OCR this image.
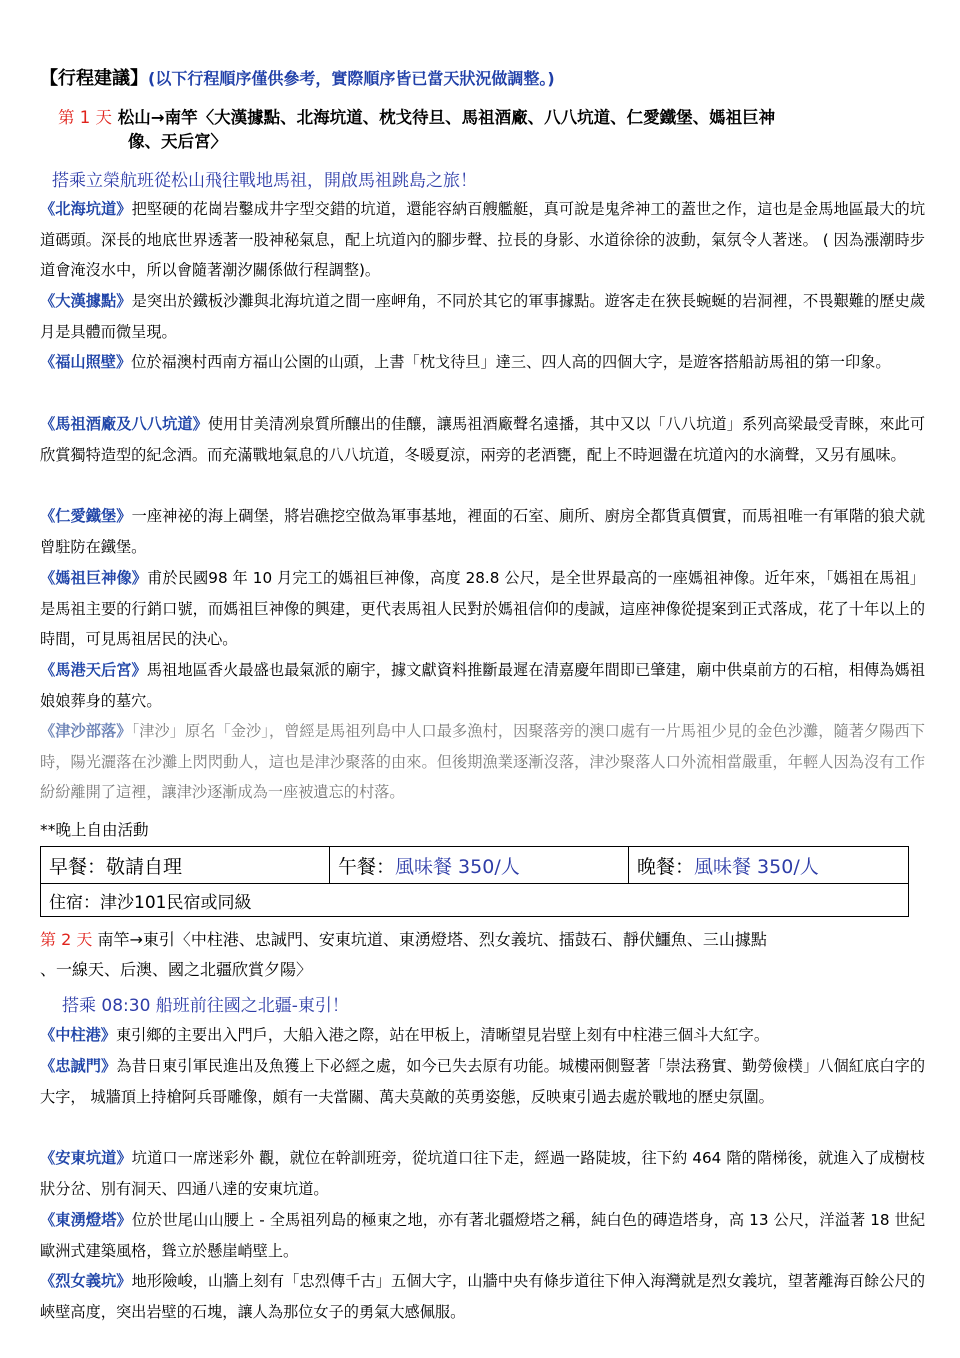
【行程建議】(以下行程順序僅供參考，實際順序皆已當天狀況做調整。)
第 1 天 松山→南竿〈大漢據點、北海坑道、枕戈待旦、馬祖酒廠、八八坑道、仁愛鐵堡、媽祖巨神
像、天后宮〉
搭乘立榮航班從松山飛往戰地馬祖，開啟馬祖跳島之旅！
《北海坑道》把堅硬的花崗岩鑿成井字型交錯的坑道，還能容納百艘艦艇，真可說是鬼斧神工的蓋世之作，這也是金馬地區最大的坑道碼頭。深長的地底世界透著一股神秘氣息，配上坑道內的腳步聲、拉長的身影、水道徐徐的波動，氣氛令人著迷。 ( 因為漲潮時步道會淹沒水中，所以會隨著潮汐關係做行程調整)。
《大漢據點》是突出於鐵板沙灘與北海坑道之間一座岬角，不同於其它的軍事據點。遊客走在狹長蜿蜒的岩洞裡，不畏艱難的歷史歲月是具體而微呈現。
《福山照壁》位於福澳村西南方福山公園的山頭，上書「枕戈待旦」達三、四人高的四個大字，是遊客搭船訪馬祖的第一印象。
《馬祖酒廠及八八坑道》使用甘美清冽泉質所釀出的佳釀，讓馬祖酒廠聲名遠播，其中又以「八八坑道」系列高梁最受青睞，來此可欣賞獨特造型的紀念酒。而充滿戰地氣息的八八坑道，冬暖夏涼，兩旁的老酒甕，配上不時迴盪在坑道內的水滴聲，又另有風味。
《仁愛鐵堡》一座神祕的海上碉堡，將岩礁挖空做為軍事基地，裡面的石室、廁所、廚房全都貨真價實，而馬祖唯一有軍階的狼犬就曾駐防在鐵堡。
《媽祖巨神像》甫於民國98 年 10 月完工的媽祖巨神像，高度 28.8 公尺，是全世界最高的一座媽祖神像。近年來，「媽祖在馬祖」是馬祖主要的行銷口號，而媽祖巨神像的興建，更代表馬祖人民對於媽祖信仰的虔誠，這座神像從提案到正式落成，花了十年以上的時間，可見馬祖居民的決心。
《馬港天后宮》馬祖地區香火最盛也最氣派的廟宇，據文獻資料推斷最遲在清嘉慶年間即已肇建，廟中供桌前方的石棺，相傳為媽祖娘娘葬身的墓穴。
《津沙部落》「津沙」原名「金沙」，曾經是馬祖列島中人口最多漁村，因聚落旁的澳口處有一片馬祖少見的金色沙灘，隨著夕陽西下時，陽光灑落在沙灘上閃閃動人，這也是津沙聚落的由來。但後期漁業逐漸沒落，津沙聚落人口外流相當嚴重，年輕人因為沒有工作紛紛離開了這裡，讓津沙逐漸成為一座被遺忘的村落。
**晚上自由活動
早餐：敬請自理	午餐：風味餐 350/人	晚餐：風味餐 350/人
住宿：津沙101民宿或同級
第 2 天 南竿→東引〈中柱港、忠誠門、安東坑道、東湧燈塔、烈女義坑、擂鼓石、靜伏鱷魚、三山據點
、一線天、后澳、國之北疆欣賞夕陽〉
搭乘 08:30 船班前往國之北疆-東引！
《中柱港》東引鄉的主要出入門戶，大船入港之際，站在甲板上，清晰望見岩壁上刻有中柱港三個斗大紅字。
《忠誠門》為昔日東引軍民進出及魚獲上下必經之處，如今已失去原有功能。城樓兩側豎著「崇法務實、勤勞儉樸」八個紅底白字的大字， 城牆頂上持槍阿兵哥雕像，頗有一夫當關、萬夫莫敵的英勇姿態，反映東引過去處於戰地的歷史氛圍。
《安東坑道》坑道口一席迷彩外 觀，就位在幹訓班旁，從坑道口往下走，經過一路陡坡，往下約 464 階的階梯後，就進入了成樹枝狀分岔、別有洞天、四通八達的安東坑道。
《東湧燈塔》位於世尾山山腰上 - 全馬祖列島的極東之地，亦有著北疆燈塔之稱，純白色的磚造塔身，高 13 公尺，洋溢著 18 世紀歐洲式建築風格，聳立於懸崖峭壁上。
《烈女義坑》地形險峻，山牆上刻有「忠烈傳千古」五個大字，山牆中央有條步道往下伸入海灣就是烈女義坑，望著離海百餘公尺的峽壁高度，突出岩壁的石塊，讓人為那位女子的勇氣大感佩服。
